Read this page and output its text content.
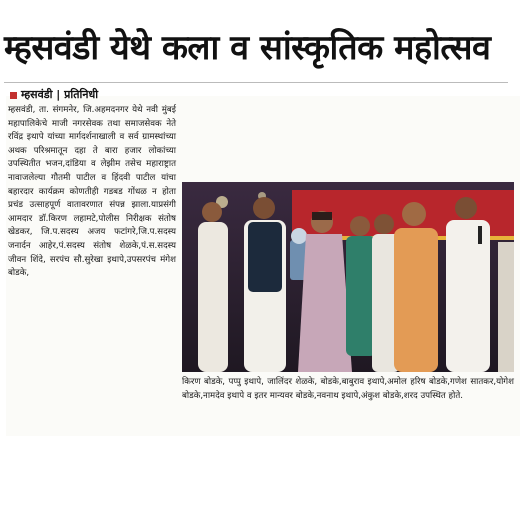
म्हसवंडी येथे कला व सांस्कृतिक महोत्सव
म्हसवंडी | प्रतिनिधी

म्हसवंडी, ता. संगमनेर, जि.अहमदनगर येथे नवी मुंबई महापालिकेचे माजी नगरसेवक तथा समाजसेवक नेते रविंद्र इथापे यांच्या मार्गदर्शनाखाली व सर्व ग्रामस्थांच्या अथक परिश्रमातून दहा ते बारा हजार लोकांच्या उपस्थितीत भजन,दांडिया व लेझीम तसेच महाराष्ट्रात नावाजलेल्या गौतमी पाटील व हिंदवी पाटील यांचा बहारदार कार्यक्रम कोणतीही गडबड गोंधळ न होता प्रचंड उत्साहपूर्ण वातावरणात संपन्न झाला.याप्रसंगी आमदार डॉ.किरण लहामटे,पोलीस निरीक्षक संतोष खेडकर, जि.प.सदस्य अजय फटांगरे,जि.प.सदस्य जनार्दन आहेर,पं.सदस्य संतोष शेळके,पं.स.सदस्य जीवन शिंदे, सरपंच सौ.सुरेखा इथापे,उपसरपंच मंगेश बोडके,

किरण बोडके, पप्पु इथापे, जालिंदर शेळके, बोडके,बाबुराव इथापे,अमोल हरिष बोडके,गणेश सातकर,योगेश बोडके,नामदेव इथापे व इतर मान्यवर बोडके,नवनाथ इथापे,अंकुश बोडके,शरद उपस्थित होते.
